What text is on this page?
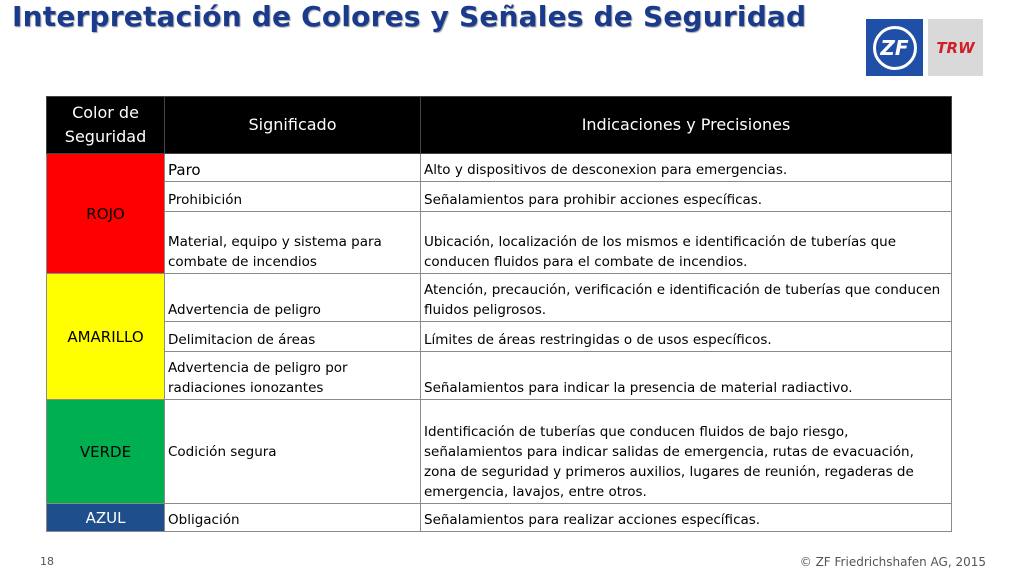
Interpretación de Colores y Señales de Seguridad
ZF	TRW
Color de Seguridad	Significado	Indicaciones y Precisiones
ROJO	Paro	Alto y dispositivos de desconexion para emergencias.
	Prohibición	Señalamientos para prohibir acciones específicas.
	Material, equipo y sistema para combate de incendios	Ubicación, localización de los mismos e identificación de tuberías que conducen fluidos para el combate de incendios.
AMARILLO	Advertencia de peligro	Atención, precaución, verificación e identificación de tuberías que conducen fluidos peligrosos.
	Delimitacion de áreas	Límites de áreas restringidas o de usos específicos.
	Advertencia de peligro por radiaciones ionozantes	Señalamientos para indicar la presencia de material radiactivo.
VERDE	Codición segura	Identificación de tuberías que conducen fluidos de bajo riesgo, señalamientos para indicar salidas de emergencia, rutas de evacuación, zona de seguridad y primeros auxilios, lugares de reunión, regaderas de emergencia, lavajos, entre otros.
AZUL	Obligación	Señalamientos para realizar acciones específicas.
18	© ZF Friedrichshafen AG, 2015
